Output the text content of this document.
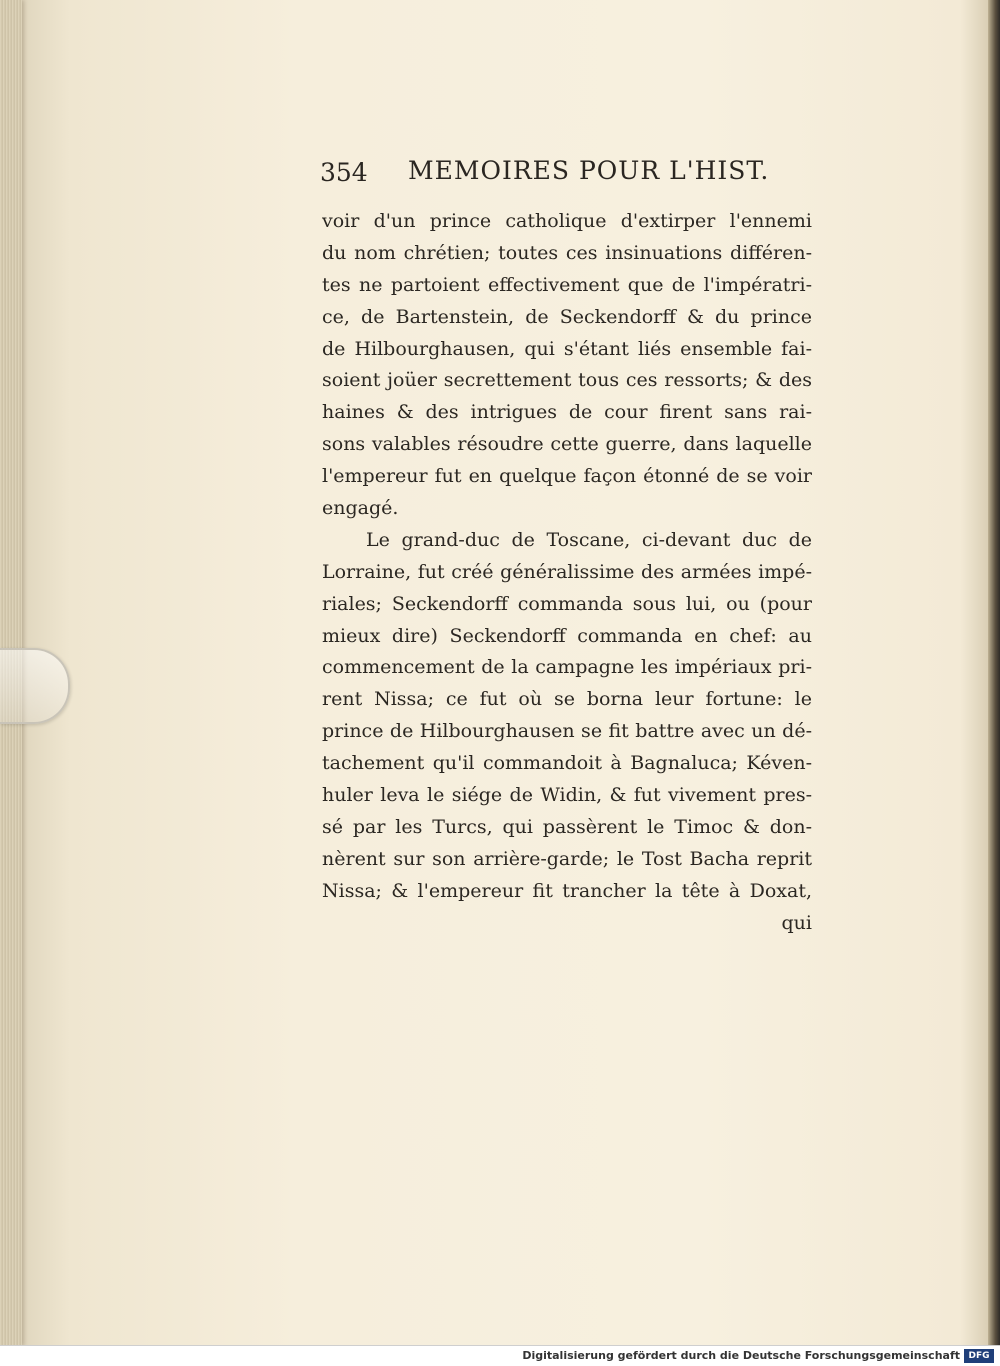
354 MEMOIRES POUR L'HIST.
voir d'un prince catholique d'extirper l'ennemi
du nom chrétien; toutes ces insinuations différen-
tes ne partoient effectivement que de l'impératri-
ce, de Bartenstein, de Seckendorff & du prince
de Hilbourghausen, qui s'étant liés ensemble fai-
soient joüer secrettement tous ces ressorts; & des
haines & des intrigues de cour firent sans rai-
sons valables résoudre cette guerre, dans laquelle
l'empereur fut en quelque façon étonné de se voir
engagé.
Le grand-duc de Toscane, ci-devant duc de
Lorraine, fut créé généralissime des armées impé-
riales; Seckendorff commanda sous lui, ou (pour
mieux dire) Seckendorff commanda en chef: au
commencement de la campagne les impériaux pri-
rent Nissa; ce fut où se borna leur fortune: le
prince de Hilbourghausen se fit battre avec un dé-
tachement qu'il commandoit à Bagnaluca; Kéven-
huler leva le siége de Widin, & fut vivement pres-
sé par les Turcs, qui passèrent le Timoc & don-
nèrent sur son arrière-garde; le Tost Bacha reprit
Nissa; & l'empereur fit trancher la tête à Doxat,
qui
Digitalisierung gefördert durch die Deutsche Forschungsgemeinschaft DFG
